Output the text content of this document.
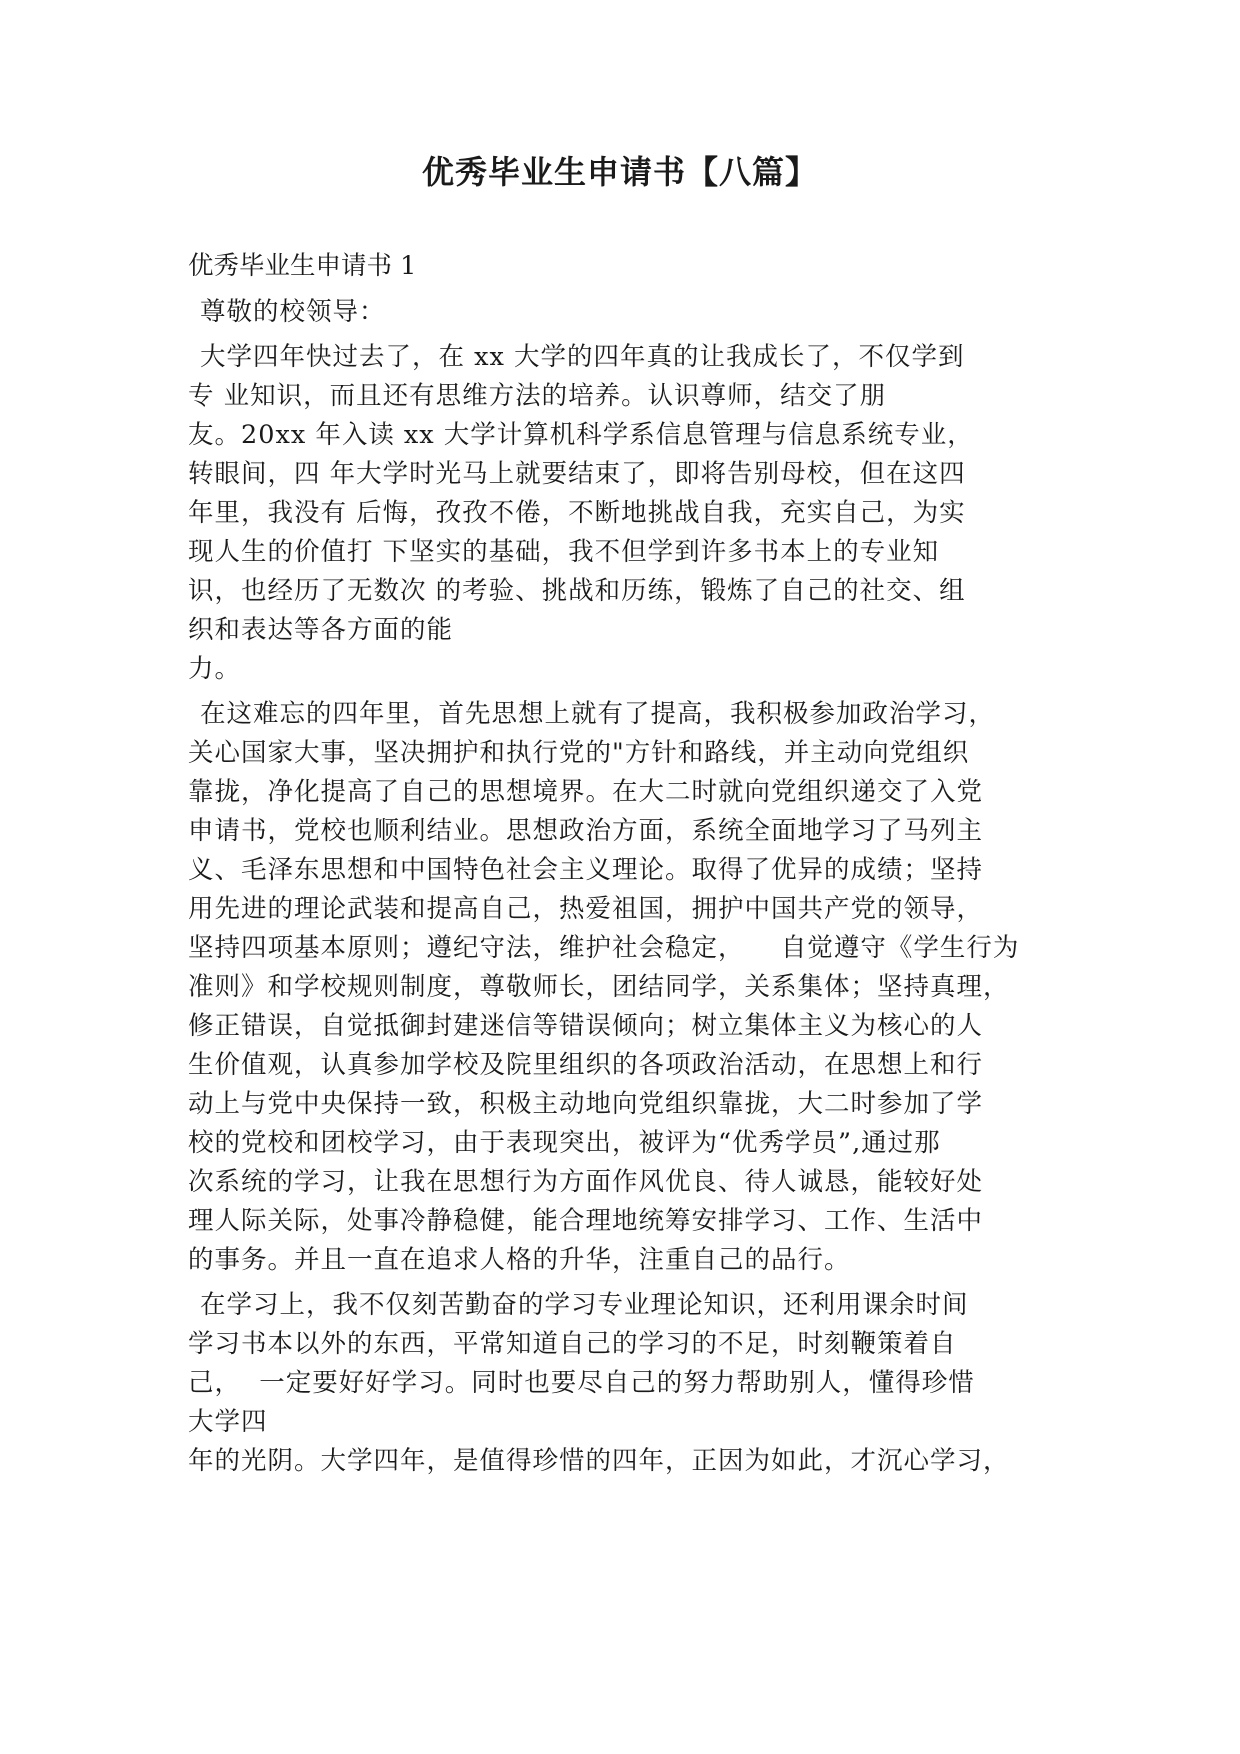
优秀毕业生申请书【八篇】
优秀毕业生申请书 1
尊敬的校领导：
大学四年快过去了，在 xx 大学的四年真的让我成长了，不仅学到
专 业知识，而且还有思维方法的培养。认识尊师，结交了朋
友。20xx 年入读 xx 大学计算机科学系信息管理与信息系统专业，
转眼间，四 年大学时光马上就要结束了，即将告别母校，但在这四
年里，我没有 后悔，孜孜不倦，不断地挑战自我，充实自己，为实
现人生的价值打 下坚实的基础，我不但学到许多书本上的专业知
识，也经历了无数次 的考验、挑战和历练，锻炼了自己的社交、组
织和表达等各方面的能
力。
在这难忘的四年里，首先思想上就有了提高，我积极参加政治学习，
关心国家大事，坚决拥护和执行党的"方针和路线，并主动向党组织
靠拢，净化提高了自己的思想境界。在大二时就向党组织递交了入党
申请书，党校也顺利结业。思想政治方面，系统全面地学习了马列主
义、毛泽东思想和中国特色社会主义理论。取得了优异的成绩；坚持
用先进的理论武装和提高自己，热爱祖国，拥护中国共产党的领导，
坚持四项基本原则；遵纪守法，维护社会稳定，    自觉遵守《学生行为
准则》和学校规则制度，尊敬师长，团结同学，关系集体；坚持真理，
修正错误，自觉抵御封建迷信等错误倾向；树立集体主义为核心的人
生价值观，认真参加学校及院里组织的各项政治活动，在思想上和行
动上与党中央保持一致，积极主动地向党组织靠拢，大二时参加了学
校的党校和团校学习，由于表现突出，被评为“优秀学员”,通过那
次系统的学习，让我在思想行为方面作风优良、待人诚恳，能较好处
理人际关际，处事冷静稳健，能合理地统筹安排学习、工作、生活中
的事务。并且一直在追求人格的升华，注重自己的品行。
在学习上，我不仅刻苦勤奋的学习专业理论知识，还利用课余时间
学习书本以外的东西，平常知道自己的学习的不足，时刻鞭策着自
己，  一定要好好学习。同时也要尽自己的努力帮助别人，懂得珍惜
大学四
年的光阴。大学四年，是值得珍惜的四年，正因为如此，才沉心学习，
